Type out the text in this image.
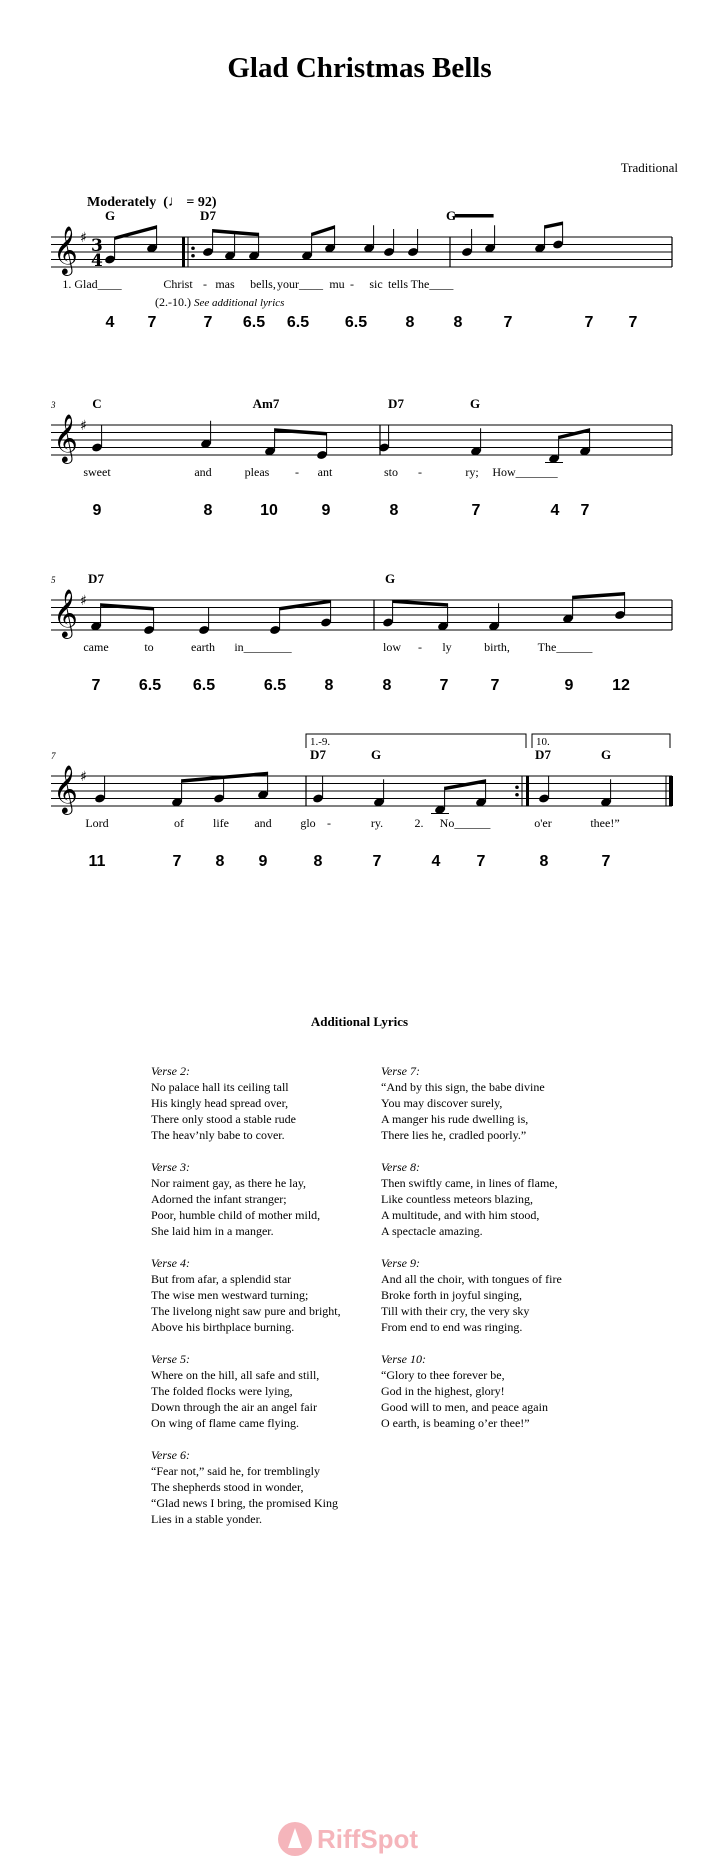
Glad Christmas Bells
Traditional
Moderately  (♩ = 92)
𝄞 ♯ 3
4
𝄞 ♯
𝄞 ♯
𝄞 ♯
G	D7	G
1. Glad____	Christ - mas bells, your____ mu - sic tells The____
4 7	7 6.5 6.5 6.5 8 8	7	7 7
(2.-10.) See additional lyrics
3	C	Am7	D7	G
sweet	and	pleas - ant	sto -	ry; How_______
9	8	10	9	8	7	4 7
5	D7	G
came	to	earth in________	low - ly	birth, The______
7 6.5 6.5	6.5 8	8	7	7	9 12
1.-9.	10.
7	D7	G	D7	G
Lord	of life and glo -	ry.	2. No______	o'er	thee!”
11	7 8 9	8	7	4 7	8	7
Additional Lyrics
Verse 2:
No palace hall its ceiling tall
His kingly head spread over,
There only stood a stable rude
The heav’nly babe to cover.
Verse 3:
Nor raiment gay, as there he lay,
Adorned the infant stranger;
Poor, humble child of mother mild,
She laid him in a manger.
Verse 4:
But from afar, a splendid star
The wise men westward turning;
The livelong night saw pure and bright,
Above his birthplace burning.
Verse 5:
Where on the hill, all safe and still,
The folded flocks were lying,
Down through the air an angel fair
On wing of flame came flying.
Verse 6:
“Fear not,” said he, for tremblingly
The shepherds stood in wonder,
“Glad news I bring, the promised King
Lies in a stable yonder.
Verse 7:
“And by this sign, the babe divine
You may discover surely,
A manger his rude dwelling is,
There lies he, cradled poorly.”
Verse 8:
Then swiftly came, in lines of flame,
Like countless meteors blazing,
A multitude, and with him stood,
A spectacle amazing.
Verse 9:
And all the choir, with tongues of fire
Broke forth in joyful singing,
Till with their cry, the very sky
From end to end was ringing.
Verse 10:
“Glory to thee forever be,
God in the highest, glory!
Good will to men, and peace again
O earth, is beaming o’er thee!”
RiffSpot
